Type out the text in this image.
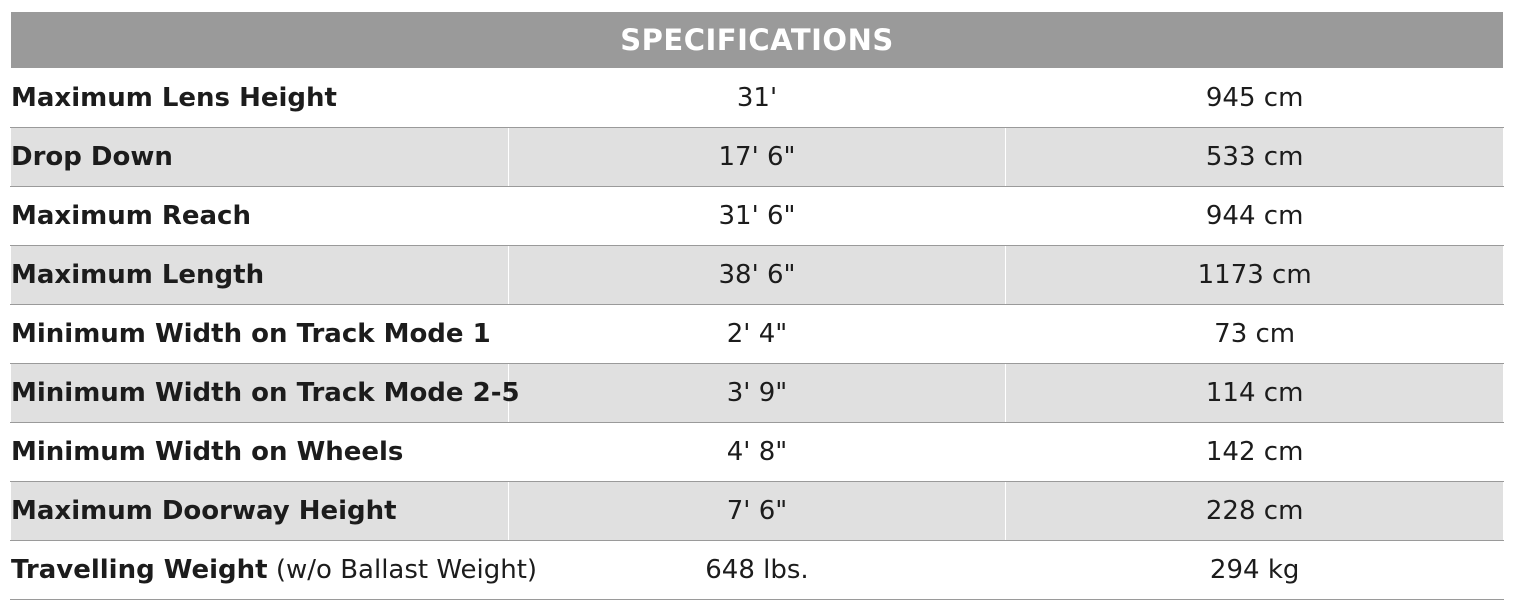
SPECIFICATIONS		
Maximum Lens Height	31'	945 cm
Drop Down	17' 6"	533 cm
Maximum Reach	31' 6"	944 cm
Maximum Length	38' 6"	1173 cm
Minimum Width on Track Mode 1	2' 4"	73 cm
Minimum Width on Track Mode 2-5	3' 9"	114 cm
Minimum Width on Wheels	4' 8"	142 cm
Maximum Doorway Height	7' 6"	228 cm
Travelling Weight (w/o Ballast Weight)	648 lbs.	294 kg
